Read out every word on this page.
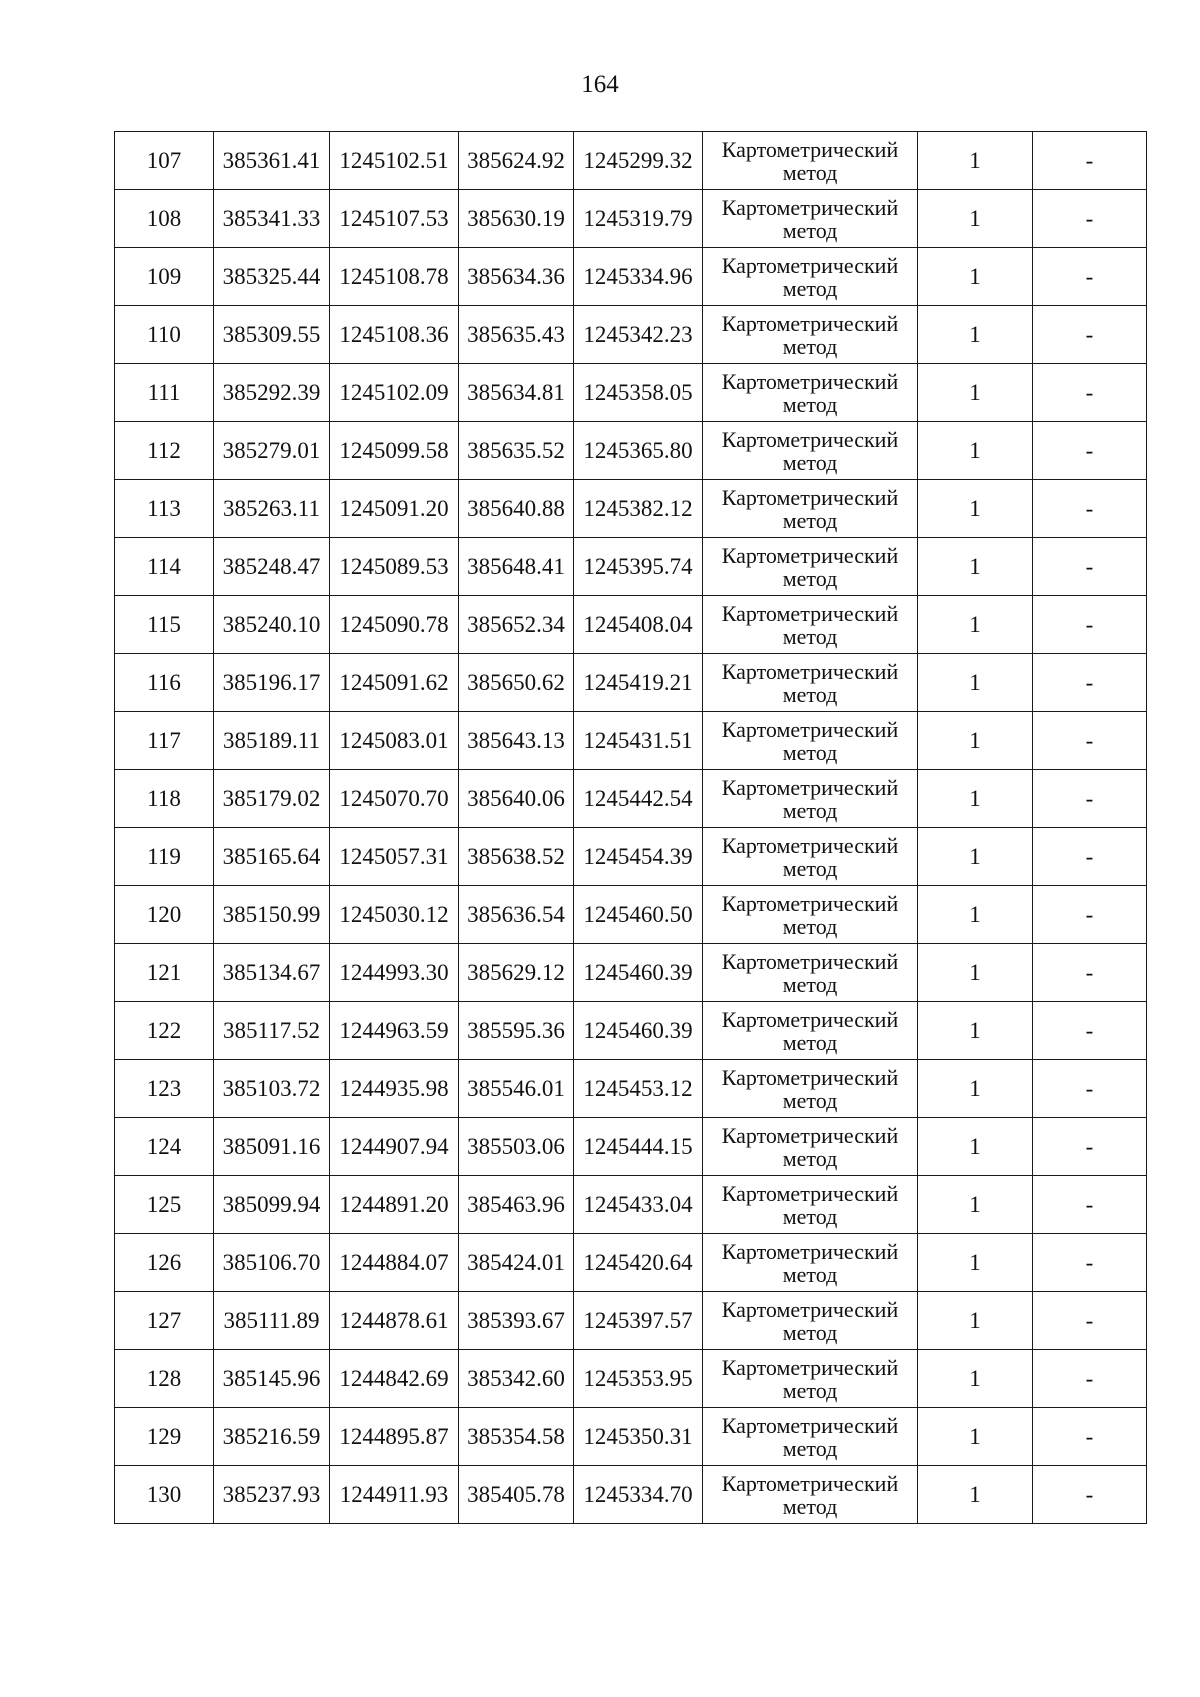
164
107	385361.41	1245102.51	385624.92	1245299.32	Картометрический метод	1	-
108	385341.33	1245107.53	385630.19	1245319.79	Картометрический метод	1	-
109	385325.44	1245108.78	385634.36	1245334.96	Картометрический метод	1	-
110	385309.55	1245108.36	385635.43	1245342.23	Картометрический метод	1	-
111	385292.39	1245102.09	385634.81	1245358.05	Картометрический метод	1	-
112	385279.01	1245099.58	385635.52	1245365.80	Картометрический метод	1	-
113	385263.11	1245091.20	385640.88	1245382.12	Картометрический метод	1	-
114	385248.47	1245089.53	385648.41	1245395.74	Картометрический метод	1	-
115	385240.10	1245090.78	385652.34	1245408.04	Картометрический метод	1	-
116	385196.17	1245091.62	385650.62	1245419.21	Картометрический метод	1	-
117	385189.11	1245083.01	385643.13	1245431.51	Картометрический метод	1	-
118	385179.02	1245070.70	385640.06	1245442.54	Картометрический метод	1	-
119	385165.64	1245057.31	385638.52	1245454.39	Картометрический метод	1	-
120	385150.99	1245030.12	385636.54	1245460.50	Картометрический метод	1	-
121	385134.67	1244993.30	385629.12	1245460.39	Картометрический метод	1	-
122	385117.52	1244963.59	385595.36	1245460.39	Картометрический метод	1	-
123	385103.72	1244935.98	385546.01	1245453.12	Картометрический метод	1	-
124	385091.16	1244907.94	385503.06	1245444.15	Картометрический метод	1	-
125	385099.94	1244891.20	385463.96	1245433.04	Картометрический метод	1	-
126	385106.70	1244884.07	385424.01	1245420.64	Картометрический метод	1	-
127	385111.89	1244878.61	385393.67	1245397.57	Картометрический метод	1	-
128	385145.96	1244842.69	385342.60	1245353.95	Картометрический метод	1	-
129	385216.59	1244895.87	385354.58	1245350.31	Картометрический метод	1	-
130	385237.93	1244911.93	385405.78	1245334.70	Картометрический метод	1	-
